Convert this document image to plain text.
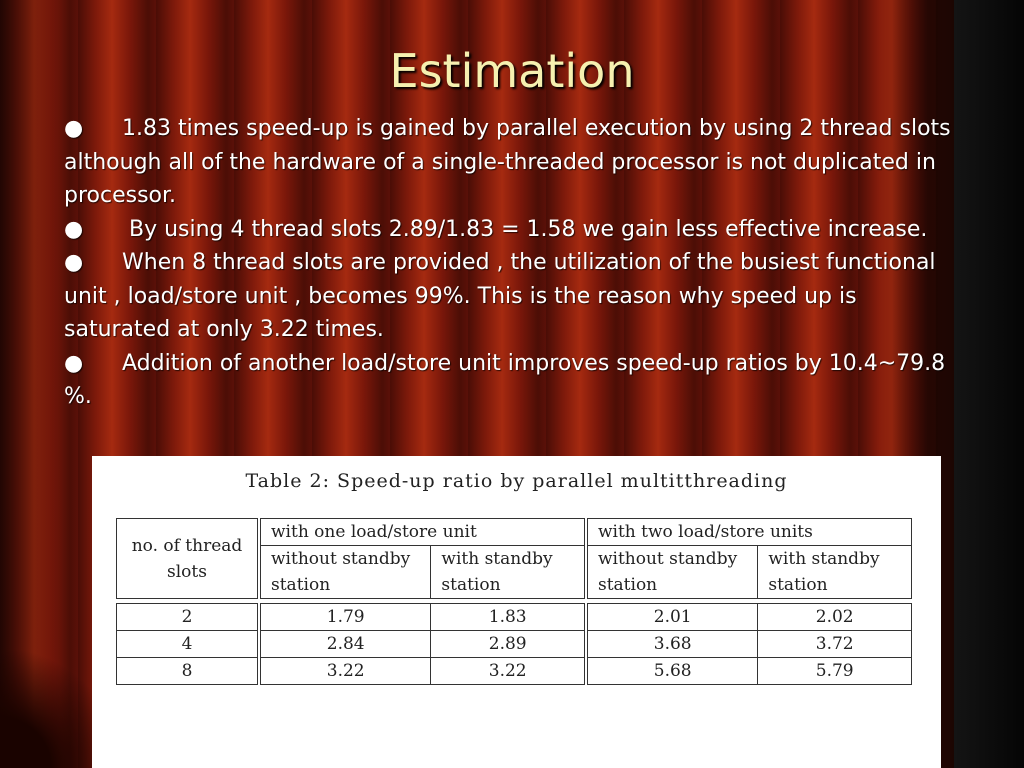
Estimation

● 1.83 times speed-up is gained by parallel execution by using 2 thread slots although all of the hardware of a single-threaded processor is not duplicated in processor.

● By using 4 thread slots 2.89/1.83 = 1.58 we gain less effective increase.

● When 8 thread slots are provided , the utilization of the busiest functional unit , load/store unit , becomes 99%. This is the reason why speed up is saturated at only 3.22 times.

● Addition of another load/store unit improves speed-up ratios by 10.4~79.8 %.

Table 2: Speed-up ratio by parallel multitthreading
no. of thread slots	with one load/store unit		with two load/store units	
	without standby station	with standby station	without standby station	with standby station

2	1.79	1.83	2.01	2.02
4	2.84	2.89	3.68	3.72
8	3.22	3.22	5.68	5.79
